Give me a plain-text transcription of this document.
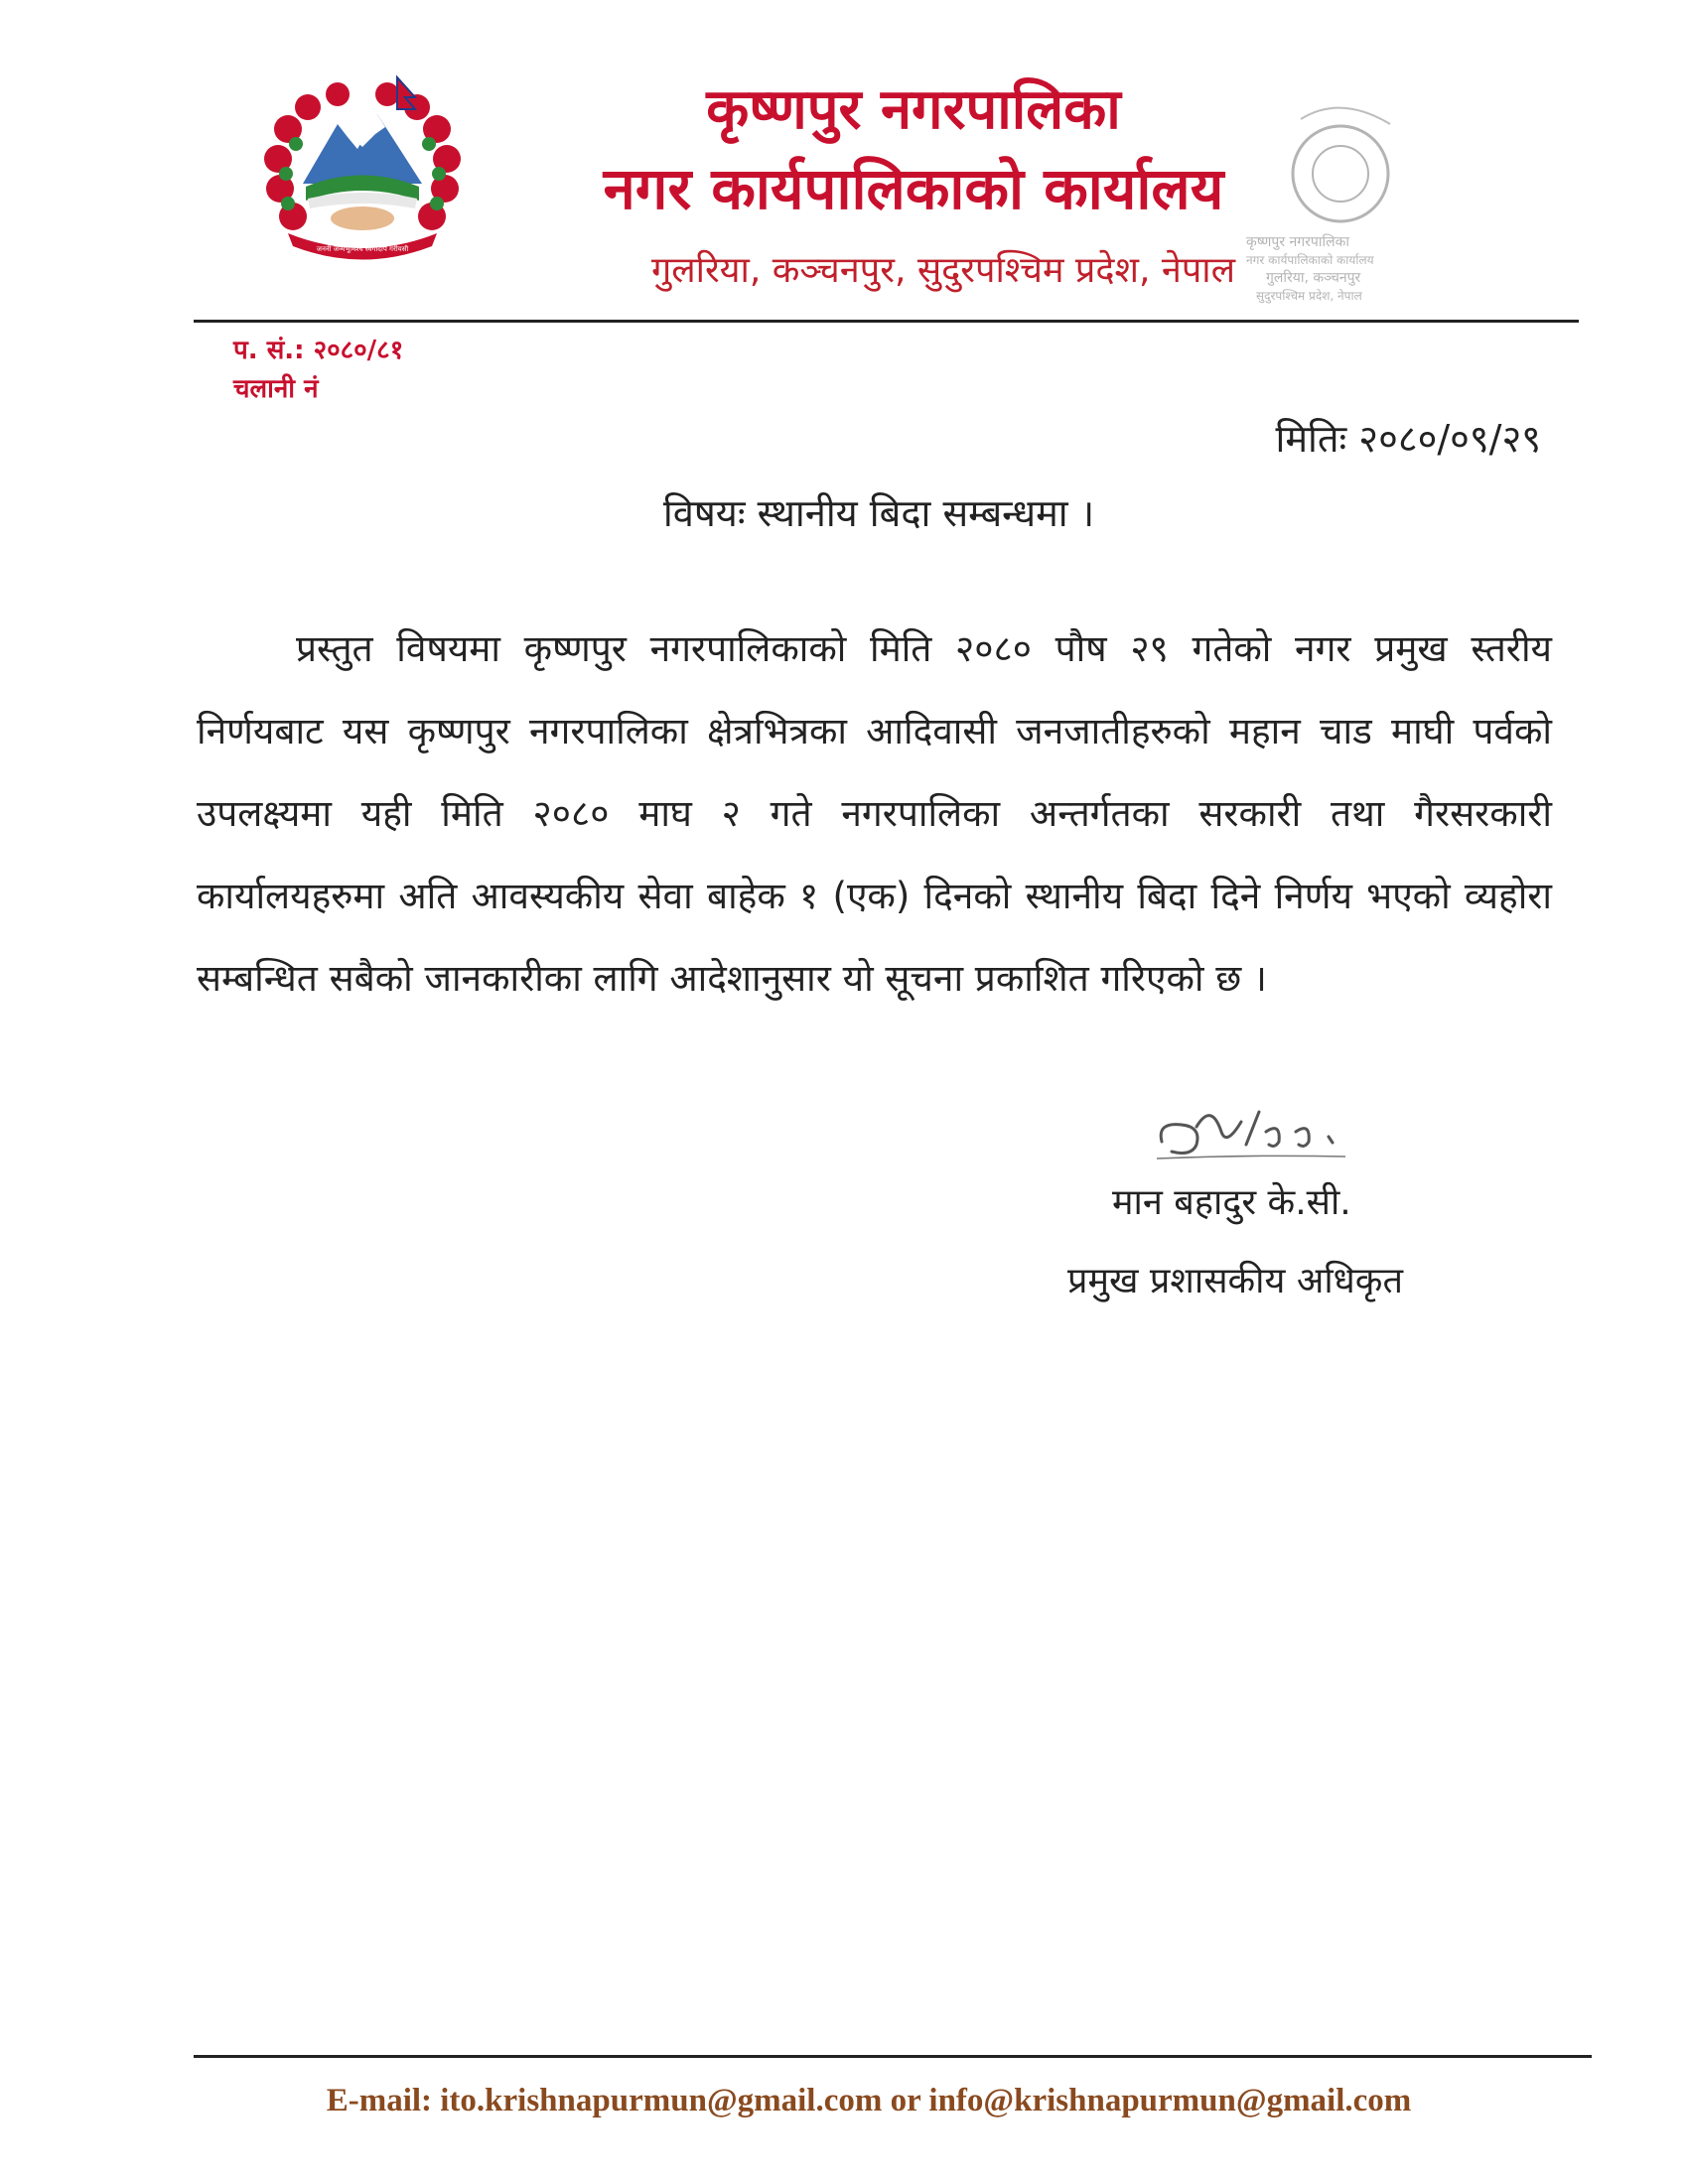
जननी जन्मभूमिश्च स्वर्गादपि गरीयसी
कृष्णपुर नगरपालिका
नगर कार्यपालिकाको कार्यालय
गुलरिया, कञ्चनपुर, सुदुरपश्चिम प्रदेश, नेपाल
कृष्णपुर नगरपालिका
नगर कार्यपालिकाको कार्यालय
गुलरिया, कञ्चनपुर
सुदुरपश्चिम प्रदेश, नेपाल
प. सं.: २०८०/८१
चलानी नं
मितिः २०८०/०९/२९
विषयः स्थानीय बिदा सम्बन्धमा ।
प्रस्तुत विषयमा कृष्णपुर नगरपालिकाको मिति २०८० पौष २९ गतेको नगर प्रमुख स्तरीय निर्णयबाट यस कृष्णपुर नगरपालिका क्षेत्रभित्रका आदिवासी जनजातीहरुको महान चाड माघी पर्वको उपलक्ष्यमा यही मिति २०८० माघ २ गते नगरपालिका अन्तर्गतका सरकारी तथा गैरसरकारी कार्यालयहरुमा अति आवस्यकीय सेवा बाहेक १ (एक) दिनको स्थानीय बिदा दिने निर्णय भएको व्यहोरा सम्बन्धित सबैको जानकारीका लागि आदेशानुसार यो सूचना प्रकाशित गरिएको छ ।
मान बहादुर के.सी.
प्रमुख प्रशासकीय अधिकृत
E-mail: ito.krishnapurmun@gmail.com or info@krishnapurmun@gmail.com
